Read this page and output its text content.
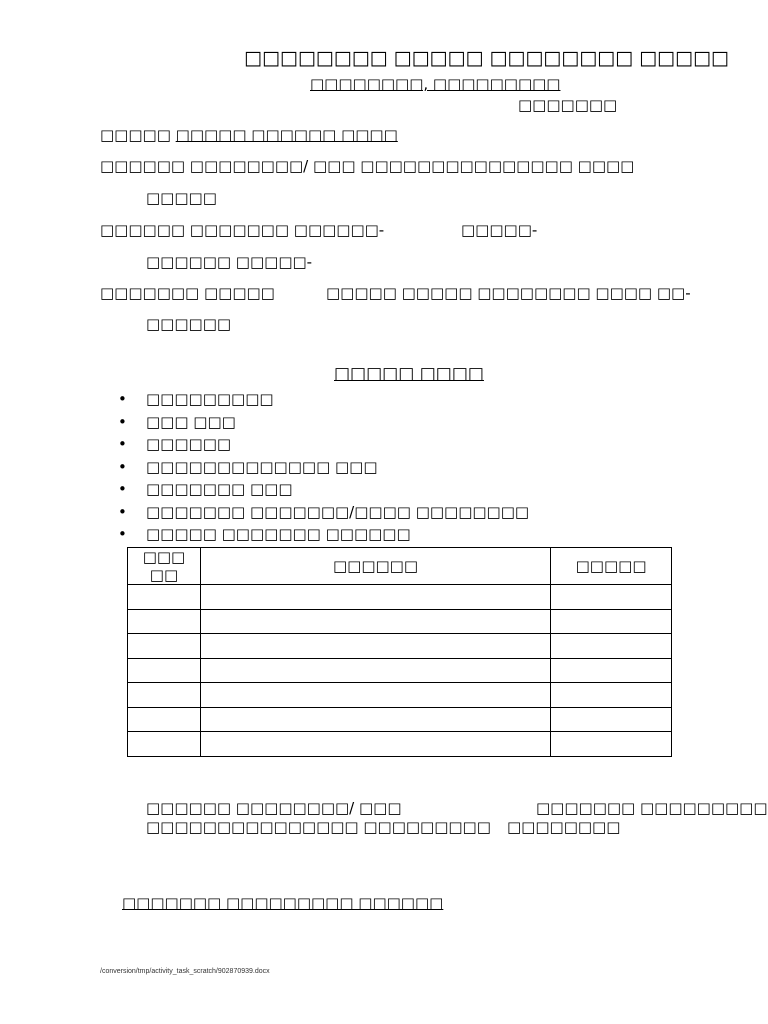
□□□□□□□□ □□□□□ □□□□□□□□ □□□□□
□□□□□□□□, □□□□□□□□□
□□□□□□□
□□□□□ □□□□□ □□□□□□ □□□□
□□□□□□ □□□□□□□□/ □□□ □□□□□□□□□□□□□□□ □□□□
□□□□□
□□□□□□ □□□□□□□ □□□□□□-	□□□□□-
□□□□□□ □□□□□-
□□□□□□□ □□□□□	□□□□□ □□□□□ □□□□□□□□ □□□□ □□-
□□□□□□
□□□□□ □□□□
• □□□□□□□□□
• □□□ □□□
• □□□□□□
• □□□□□□□□□□□□□ □□□
• □□□□□□□ □□□
• □□□□□□□ □□□□□□□/□□□□ □□□□□□□□
• □□□□□ □□□□□□□ □□□□□□
□□□ □□	□□□□□□	□□□□□

□□□□□□ □□□□□□□□/ □□□
□□□□□□□□□□□□□□□ □□□□□□□□□
□□□□□□□ □□□□□□□□□
□□□□□□□□
□□□□□□□ □□□□□□□□□ □□□□□□
/conversion/tmp/activity_task_scratch/902870939.docx
